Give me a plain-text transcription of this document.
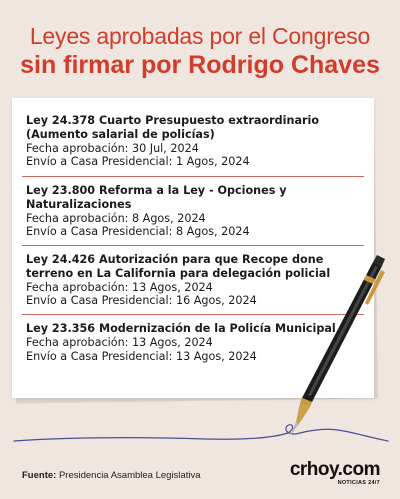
Leyes aprobadas por el Congreso
sin firmar por Rodrigo Chaves
Ley 24.378 Cuarto Presupuesto extraordinario (Aumento salarial de policías)
Fecha aprobación: 30 Jul, 2024
Envío a Casa Presidencial: 1 Agos, 2024
Ley 23.800 Reforma a la Ley - Opciones y Naturalizaciones
Fecha aprobación: 8 Agos, 2024
Envío a Casa Presidencial: 8 Agos, 2024
Ley 24.426 Autorización para que Recope done terreno en La California para delegación policial
Fecha aprobación: 13 Agos, 2024
Envío a Casa Presidencial: 16 Agos, 2024
Ley 23.356 Modernización de la Policía Municipal
Fecha aprobación: 13 Agos, 2024
Envío a Casa Presidencial: 13 Agos, 2024
Fuente: Presidencia Asamblea Legislativa	crhoy.com
NOTICIAS 24/7
